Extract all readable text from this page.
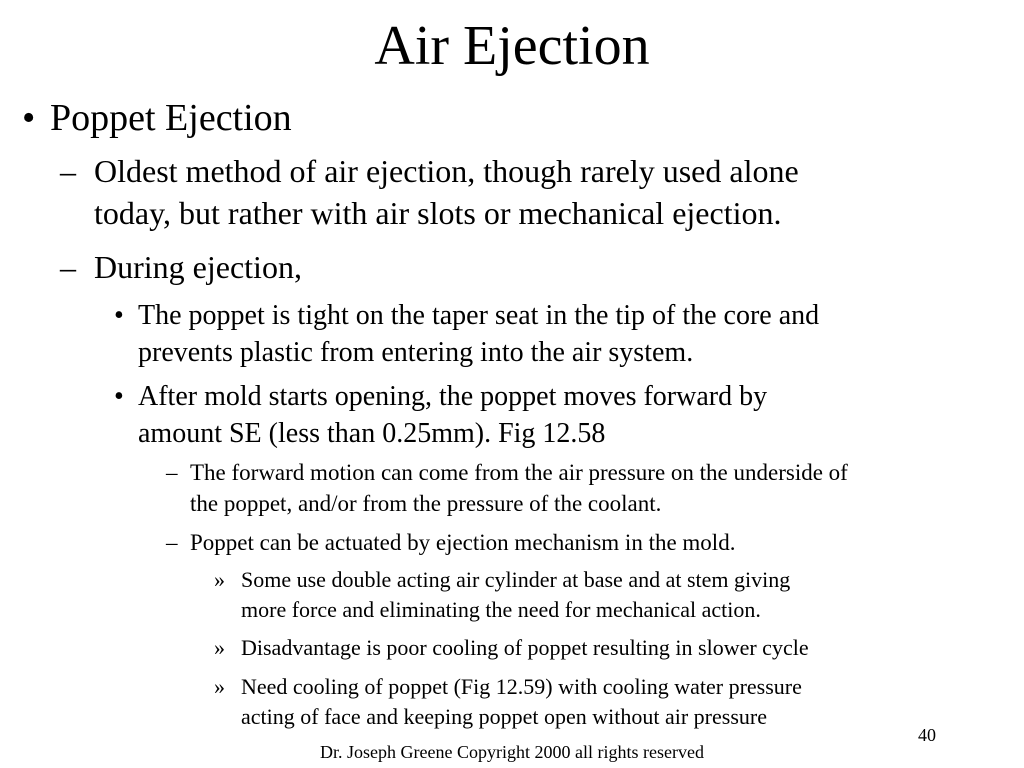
Air Ejection
• Poppet Ejection
– Oldest method of air ejection, though rarely used alone
today, but rather with air slots or mechanical ejection.
– During ejection,
• The poppet is tight on the taper seat in the tip of the core and
prevents plastic from entering into the air system.
• After mold starts opening, the poppet moves forward by
amount SE (less than 0.25mm). Fig 12.58
– The forward motion can come from the air pressure on the underside of
the poppet, and/or from the pressure of the coolant.
– Poppet can be actuated by ejection mechanism in the mold.
» Some use double acting air cylinder at base and at stem giving
more force and eliminating the need for mechanical action.
» Disadvantage is poor cooling of poppet resulting in slower cycle
» Need cooling of poppet (Fig 12.59) with cooling water pressure
acting of face and keeping poppet open without air pressure
40
Dr. Joseph Greene Copyright 2000 all rights reserved
